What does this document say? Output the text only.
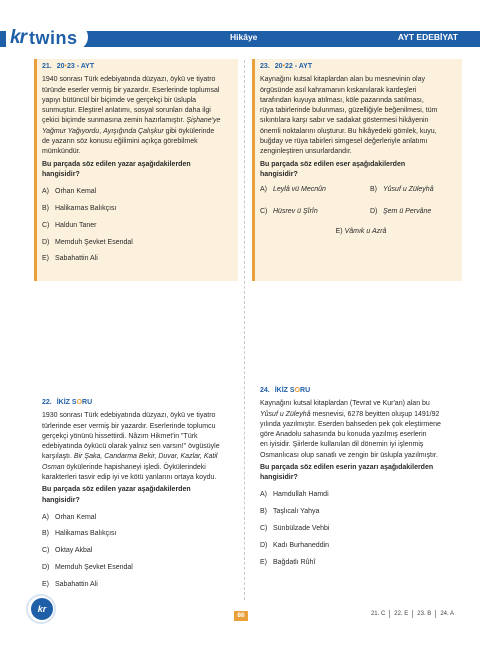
kr twins	Hikâye	AYT EDEBİYAT
21. 20•23 - AYT

1940 sonrası Türk edebiyatında düzyazı, öykü ve tiyatro

türünde eserler vermiş bir yazardır. Eserlerinde toplumsal

yapıyı bütüncül bir biçimde ve gerçekçi bir üslupla

sunmuştur. Eleştirel anlatımı, sosyal sorunları daha ilgi

çekici biçimde sunmasına zemin hazırlamıştır. Şişhane'ye

Yağmur Yağıyordu, Ayışığında Çalışkur gibi öykülerinde

de yazarın söz konusu eğilimini açıkça görebilmek

mümkündür.

Bu parçada söz edilen yazar aşağıdakilerden

hangisidir?

A) Orhan Kemal
B) Halikarnas Balıkçısı
C) Haldun Taner
D) Memduh Şevket Esendal
E) Sabahattin Ali
23. 20•22 - AYT

Kaynağını kutsal kitaplardan alan bu mesnevinin olay

örgüsünde asıl kahramanın kıskanılarak kardeşleri

tarafından kuyuya atılması, köle pazarında satılması,

rüya tabirlerinde bulunması, güzelliğiyle beğenilmesi, tüm

sıkıntılara karşı sabır ve sadakat göstermesi hikâyenin

önemli noktalarını oluşturur. Bu hikâyedeki gömlek, kuyu,

buğday ve rüya tabirleri simgesel değerleriyle anlatımı

zenginleştiren unsurlardandır.

Bu parçada söz edilen eser aşağıdakilerden

hangisidir?

A) Leylâ vü Mecnûn	B) Yûsuf u Züleyhâ
C) Hüsrev ü Şîrîn	D) Şem ü Pervâne
E) Vâmık u Azrâ
22. İKİZ SORU

1930 sonrası Türk edebiyatında düzyazı, öykü ve tiyatro

türlerinde eser vermiş bir yazardır. Eserlerinde toplumcu

gerçekçi yönünü hissettirdi. Nâzım Hikmet'in "Türk

edebiyatında öykücü olarak yalnız sen varsın!" övgüsüyle

karşılaştı. Bir Şaka, Candarma Bekir, Duvar, Kazlar, Katil

Osman öykülerinde hapishaneyi işledi. Öykülerindeki

karakterleri tasvir edip iyi ve kötü yanlarını ortaya koydu.

Bu parçada söz edilen yazar aşağıdakilerden

hangisidir?

A) Orhan Kemal
B) Halikarnas Balıkçısı
C) Oktay Akbal
D) Memduh Şevket Esendal
E) Sabahattin Ali
24. İKİZ SORU

Kaynağını kutsal kitaplardan (Tevrat ve Kur'an) alan bu

Yûsuf u Züleyhâ mesnevisi, 6278 beyitten oluşup 1491/92

yılında yazılmıştır. Eserden bahseden pek çok eleştirmene

göre Anadolu sahasında bu konuda yazılmış eserlerin

en iyisidir. Şiirlerde kullanılan dil dönemin iyi işlenmiş

Osmanlıcası olup sanatlı ve zengin bir üslupla yazılmıştır.

Bu parçada söz edilen eserin yazarı aşağıdakilerden

hangisidir?

A) Hamdullah Hamdi
B) Taşlıcalı Yahya
C) Sünbülzade Vehbi
D) Kadı Burhaneddin
E) Bağdatlı Rûhî
kr
86	21. C	22. E	23. B	24. A
